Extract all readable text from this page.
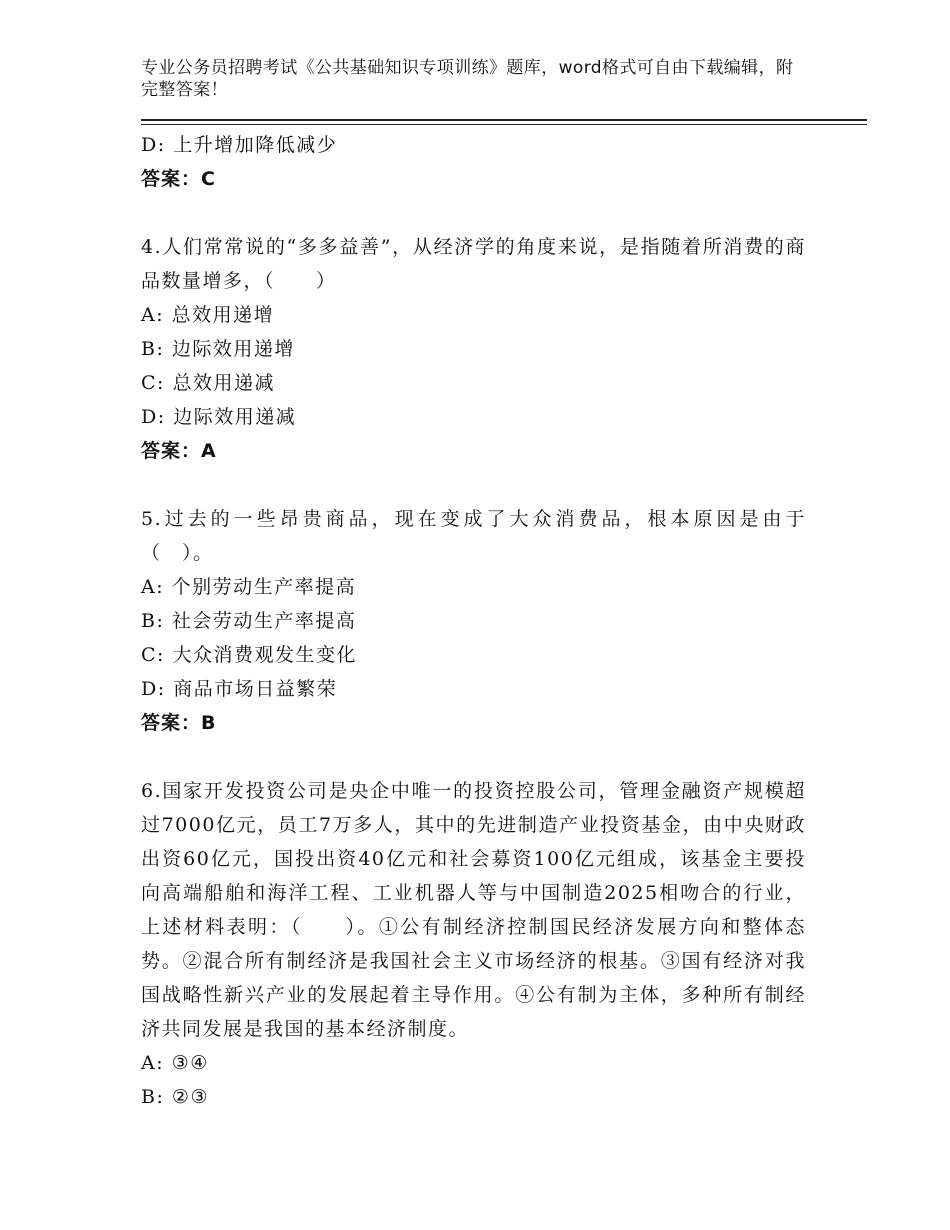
专业公务员招聘考试《公共基础知识专项训练》题库，word格式可自由下载编辑，附完整答案！
D: 上升增加降低减少
答案：C
4.人们常常说的“多多益善”，从经济学的角度来说，是指随着所消费的商品数量增多，（　　）
A: 总效用递增
B: 边际效用递增
C: 总效用递减
D: 边际效用递减
答案：A
5.过去的一些昂贵商品，现在变成了大众消费品，根本原因是由于（　）。
A: 个别劳动生产率提高
B: 社会劳动生产率提高
C: 大众消费观发生变化
D: 商品市场日益繁荣
答案：B
6.国家开发投资公司是央企中唯一的投资控股公司，管理金融资产规模超过7000亿元，员工7万多人，其中的先进制造产业投资基金，由中央财政出资60亿元，国投出资40亿元和社会募资100亿元组成，该基金主要投向高端船舶和海洋工程、工业机器人等与中国制造2025相吻合的行业，上述材料表明：（　　）。①公有制经济控制国民经济发展方向和整体态势。②混合所有制经济是我国社会主义市场经济的根基。③国有经济对我国战略性新兴产业的发展起着主导作用。④公有制为主体，多种所有制经济共同发展是我国的基本经济制度。
A: ③④
B: ②③
